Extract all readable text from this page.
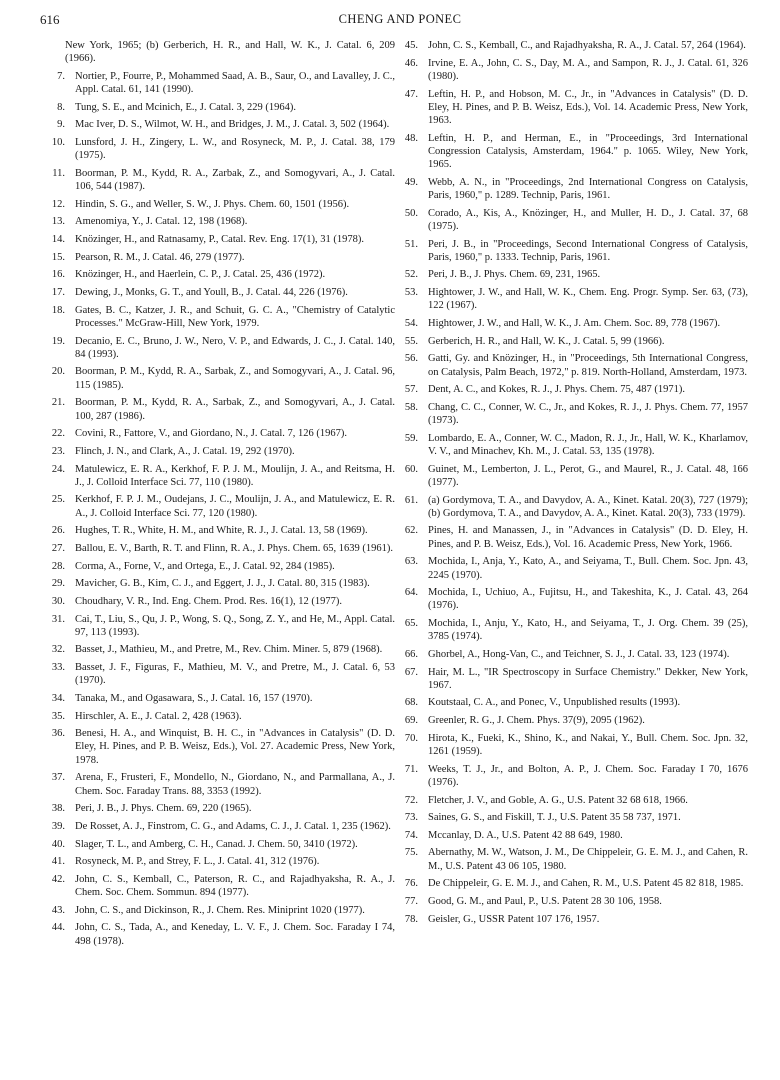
616	CHENG AND PONEC
New York, 1965; (b) Gerberich, H. R., and Hall, W. K., J. Catal. 6, 209 (1966).
7. Nortier, P., Fourre, P., Mohammed Saad, A. B., Saur, O., and Lavalley, J. C., Appl. Catal. 61, 141 (1990).
8. Tung, S. E., and Mcinich, E., J. Catal. 3, 229 (1964).
9. Mac Iver, D. S., Wilmot, W. H., and Bridges, J. M., J. Catal. 3, 502 (1964).
10. Lunsford, J. H., Zingery, L. W., and Rosyneck, M. P., J. Catal. 38, 179 (1975).
11. Boorman, P. M., Kydd, R. A., Zarbak, Z., and Somogyvari, A., J. Catal. 106, 544 (1987).
12. Hindin, S. G., and Weller, S. W., J. Phys. Chem. 60, 1501 (1956).
13. Amenomiya, Y., J. Catal. 12, 198 (1968).
14. Knözinger, H., and Ratnasamy, P., Catal. Rev. Eng. 17(1), 31 (1978).
15. Pearson, R. M., J. Catal. 46, 279 (1977).
16. Knözinger, H., and Haerlein, C. P., J. Catal. 25, 436 (1972).
17. Dewing, J., Monks, G. T., and Youll, B., J. Catal. 44, 226 (1976).
18. Gates, B. C., Katzer, J. R., and Schuit, G. C. A., "Chemistry of Catalytic Processes." McGraw-Hill, New York, 1979.
19. Decanio, E. C., Bruno, J. W., Nero, V. P., and Edwards, J. C., J. Catal. 140, 84 (1993).
20. Boorman, P. M., Kydd, R. A., Sarbak, Z., and Somogyvari, A., J. Catal. 96, 115 (1985).
21. Boorman, P. M., Kydd, R. A., Sarbak, Z., and Somogyvari, A., J. Catal. 100, 287 (1986).
22. Covini, R., Fattore, V., and Giordano, N., J. Catal. 7, 126 (1967).
23. Flinch, J. N., and Clark, A., J. Catal. 19, 292 (1970).
24. Matulewicz, E. R. A., Kerkhof, F. P. J. M., Moulijn, J. A., and Reitsma, H. J., J. Colloid Interface Sci. 77, 110 (1980).
25. Kerkhof, F. P. J. M., Oudejans, J. C., Moulijn, J. A., and Matulewicz, E. R. A., J. Colloid Interface Sci. 77, 120 (1980).
26. Hughes, T. R., White, H. M., and White, R. J., J. Catal. 13, 58 (1969).
27. Ballou, E. V., Barth, R. T. and Flinn, R. A., J. Phys. Chem. 65, 1639 (1961).
28. Corma, A., Forne, V., and Ortega, E., J. Catal. 92, 284 (1985).
29. Mavicher, G. B., Kim, C. J., and Eggert, J. J., J. Catal. 80, 315 (1983).
30. Choudhary, V. R., Ind. Eng. Chem. Prod. Res. 16(1), 12 (1977).
31. Cai, T., Liu, S., Qu, J. P., Wong, S. Q., Song, Z. Y., and He, M., Appl. Catal. 97, 113 (1993).
32. Basset, J., Mathieu, M., and Pretre, M., Rev. Chim. Miner. 5, 879 (1968).
33. Basset, J. F., Figuras, F., Mathieu, M. V., and Pretre, M., J. Catal. 6, 53 (1970).
34. Tanaka, M., and Ogasawara, S., J. Catal. 16, 157 (1970).
35. Hirschler, A. E., J. Catal. 2, 428 (1963).
36. Benesi, H. A., and Winquist, B. H. C., in "Advances in Catalysis" (D. D. Eley, H. Pines, and P. B. Weisz, Eds.), Vol. 27. Academic Press, New York, 1978.
37. Arena, F., Frusteri, F., Mondello, N., Giordano, N., and Parmallana, A., J. Chem. Soc. Faraday Trans. 88, 3353 (1992).
38. Peri, J. B., J. Phys. Chem. 69, 220 (1965).
39. De Rosset, A. J., Finstrom, C. G., and Adams, C. J., J. Catal. 1, 235 (1962).
40. Slager, T. L., and Amberg, C. H., Canad. J. Chem. 50, 3410 (1972).
41. Rosyneck, M. P., and Strey, F. L., J. Catal. 41, 312 (1976).
42. John, C. S., Kemball, C., Paterson, R. C., and Rajadhyaksha, R. A., J. Chem. Soc. Chem. Sommun. 894 (1977).
43. John, C. S., and Dickinson, R., J. Chem. Res. Miniprint 1020 (1977).
44. John, C. S., Tada, A., and Keneday, L. V. F., J. Chem. Soc. Faraday I 74, 498 (1978).
45. John, C. S., Kemball, C., and Rajadhyaksha, R. A., J. Catal. 57, 264 (1964).
46. Irvine, E. A., John, C. S., Day, M. A., and Sampon, R. J., J. Catal. 61, 326 (1980).
47. Leftin, H. P., and Hobson, M. C., Jr., in "Advances in Catalysis" (D. D. Eley, H. Pines, and P. B. Weisz, Eds.), Vol. 14. Academic Press, New York, 1963.
48. Leftin, H. P., and Herman, E., in "Proceedings, 3rd International Congression Catalysis, Amsterdam, 1964." p. 1065. Wiley, New York, 1965.
49. Webb, A. N., in "Proceedings, 2nd International Congress on Catalysis, Paris, 1960," p. 1289. Technip, Paris, 1961.
50. Corado, A., Kis, A., Knözinger, H., and Muller, H. D., J. Catal. 37, 68 (1975).
51. Peri, J. B., in "Proceedings, Second International Congress of Catalysis, Paris, 1960," p. 1333. Technip, Paris, 1961.
52. Peri, J. B., J. Phys. Chem. 69, 231, 1965.
53. Hightower, J. W., and Hall, W. K., Chem. Eng. Progr. Symp. Ser. 63, (73), 122 (1967).
54. Hightower, J. W., and Hall, W. K., J. Am. Chem. Soc. 89, 778 (1967).
55. Gerberich, H. R., and Hall, W. K., J. Catal. 5, 99 (1966).
56. Gatti, Gy. and Knözinger, H., in "Proceedings, 5th International Congress, on Catalysis, Palm Beach, 1972," p. 819. North-Holland, Amsterdam, 1973.
57. Dent, A. C., and Kokes, R. J., J. Phys. Chem. 75, 487 (1971).
58. Chang, C. C., Conner, W. C., Jr., and Kokes, R. J., J. Phys. Chem. 77, 1957 (1973).
59. Lombardo, E. A., Conner, W. C., Madon, R. J., Jr., Hall, W. K., Kharlamov, V. V., and Minachev, Kh. M., J. Catal. 53, 135 (1978).
60. Guinet, M., Lemberton, J. L., Perot, G., and Maurel, R., J. Catal. 48, 166 (1977).
61. (a) Gordymova, T. A., and Davydov, A. A., Kinet. Katal. 20(3), 727 (1979); (b) Gordymova, T. A., and Davydov, A. A., Kinet. Katal. 20(3), 733 (1979).
62. Pines, H. and Manassen, J., in "Advances in Catalysis" (D. D. Eley, H. Pines, and P. B. Weisz, Eds.), Vol. 16. Academic Press, New York, 1966.
63. Mochida, I., Anja, Y., Kato, A., and Seiyama, T., Bull. Chem. Soc. Jpn. 43, 2245 (1970).
64. Mochida, I., Uchiuo, A., Fujitsu, H., and Takeshita, K., J. Catal. 43, 264 (1976).
65. Mochida, I., Anju, Y., Kato, H., and Seiyama, T., J. Org. Chem. 39 (25), 3785 (1974).
66. Ghorbel, A., Hong-Van, C., and Teichner, S. J., J. Catal. 33, 123 (1974).
67. Hair, M. L., "IR Spectroscopy in Surface Chemistry." Dekker, New York, 1967.
68. Koutstaal, C. A., and Ponec, V., Unpublished results (1993).
69. Greenler, R. G., J. Chem. Phys. 37(9), 2095 (1962).
70. Hirota, K., Fueki, K., Shino, K., and Nakai, Y., Bull. Chem. Soc. Jpn. 32, 1261 (1959).
71. Weeks, T. J., Jr., and Bolton, A. P., J. Chem. Soc. Faraday I 70, 1676 (1976).
72. Fletcher, J. V., and Goble, A. G., U.S. Patent 32 68 618, 1966.
73. Saines, G. S., and Fiskill, T. J., U.S. Patent 35 58 737, 1971.
74. Mccanlay, D. A., U.S. Patent 42 88 649, 1980.
75. Abernathy, M. W., Watson, J. M., De Chippeleir, G. E. M. J., and Cahen, R. M., U.S. Patent 43 06 105, 1980.
76. De Chippeleir, G. E. M. J., and Cahen, R. M., U.S. Patent 45 82 818, 1985.
77. Good, G. M., and Paul, P., U.S. Patent 28 30 106, 1958.
78. Geisler, G., USSR Patent 107 176, 1957.
